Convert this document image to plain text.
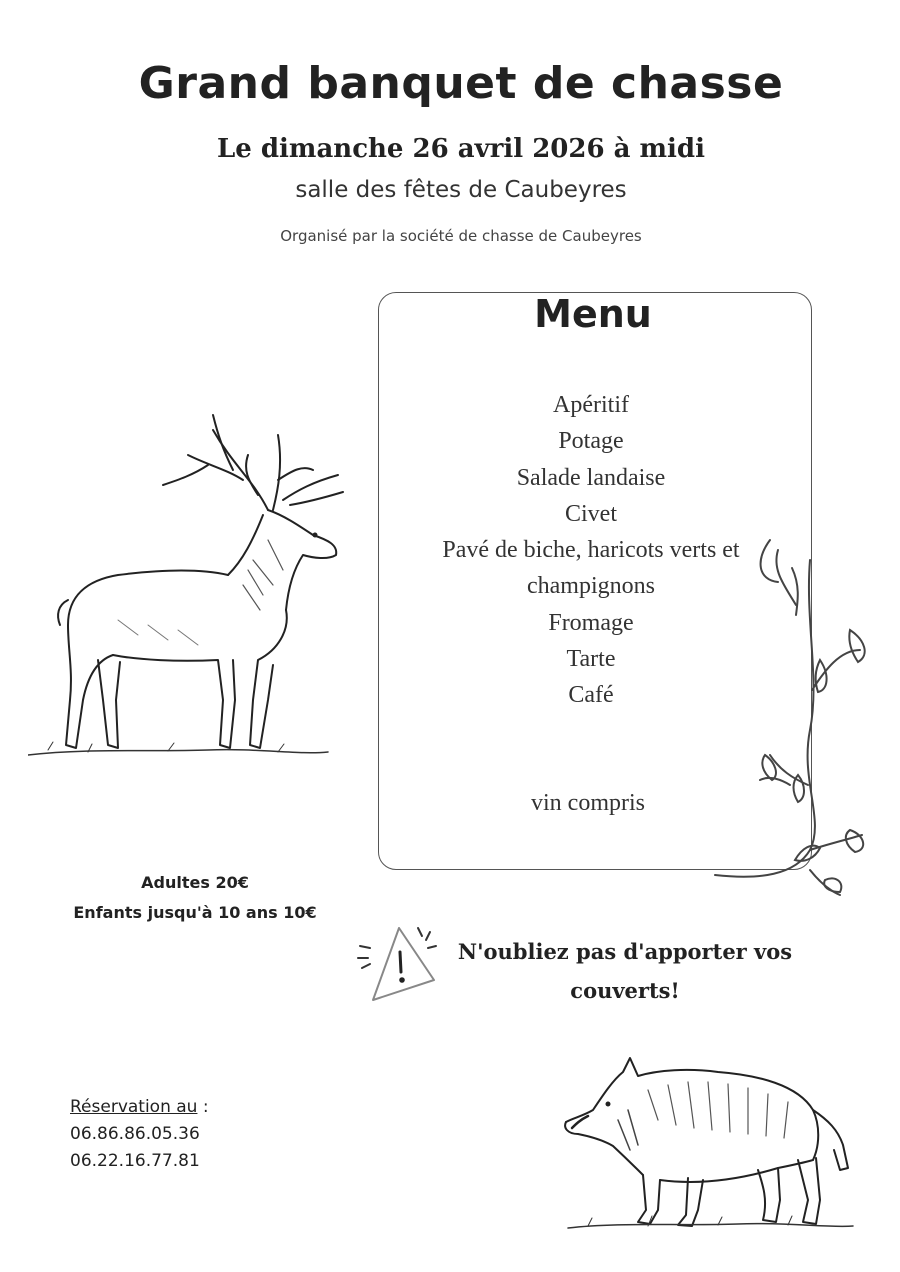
Grand banquet de chasse
Le dimanche 26 avril 2026 à midi
salle des fêtes de Caubeyres
Organisé par la société de chasse de Caubeyres
Menu
Apéritif
Potage
Salade landaise
Civet
Pavé de biche, haricots verts et
champignons
Fromage
Tarte
Café
vin compris
Adultes 20€
Enfants jusqu'à 10 ans 10€
N'oubliez pas d'apporter vos
couverts!
Réservation au :
06.86.86.05.36
06.22.16.77.81
